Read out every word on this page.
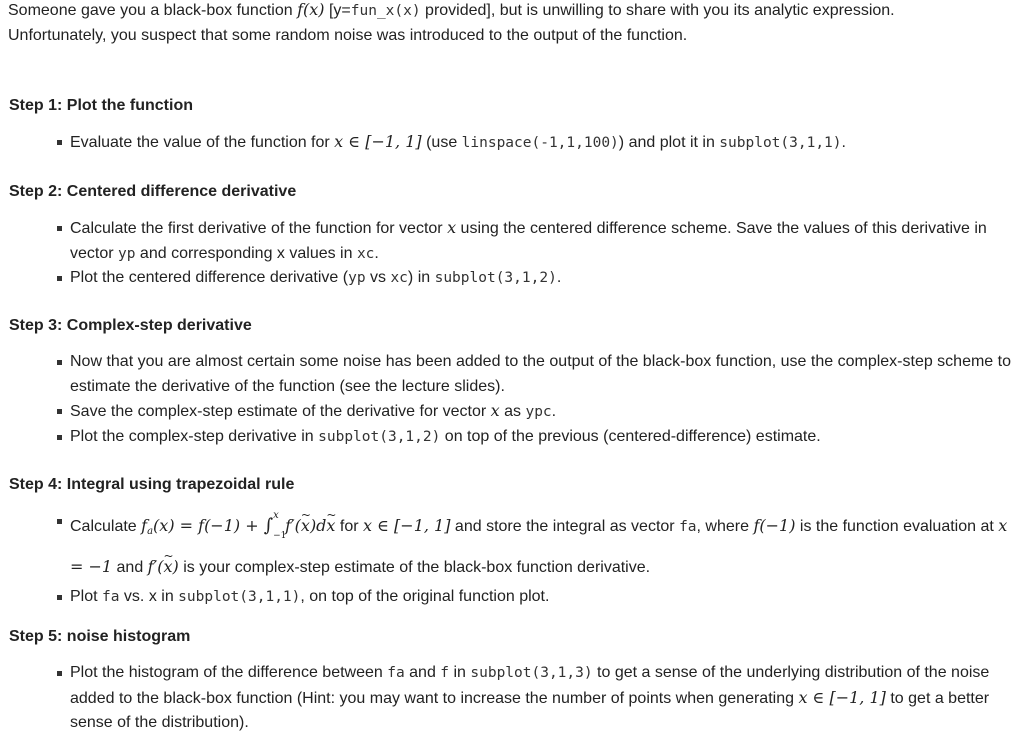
Someone gave you a black-box function f(x) [y=fun_x(x) provided], but is unwilling to share with you its analytic expression.

Unfortunately, you suspect that some random noise was introduced to the output of the function.

Step 1: Plot the function
Evaluate the value of the function for x ∈ [−1, 1] (use linspace(-1,1,100)) and plot it in subplot(3,1,1).
Step 2: Centered difference derivative
Calculate the first derivative of the function for vector x using the centered difference scheme. Save the values of this derivative in vector yp and corresponding x values in xc.
Plot the centered difference derivative (yp vs xc) in subplot(3,1,2).
Step 3: Complex-step derivative
Now that you are almost certain some noise has been added to the output of the black-box function, use the complex-step scheme to estimate the derivative of the function (see the lecture slides).
Save the complex-step estimate of the derivative for vector x as ypc.
Plot the complex-step derivative in subplot(3,1,2) on top of the previous (centered-difference) estimate.
Step 4: Integral using trapezoidal rule
Calculate $f_a(x) = f(-1)$ + ∫ x
−1
f′(x ~)dx ~ for x ∈ [−1, 1] and store the integral as vector fa, where f(−1) is the function evaluation at x = −1 and f′(x ~) is your complex-step estimate of the black-box function derivative.
Plot fa vs. x in subplot(3,1,1), on top of the original function plot.
Step 5: noise histogram
Plot the histogram of the difference between fa and f in subplot(3,1,3) to get a sense of the underlying distribution of the noise added to the black-box function (Hint: you may want to increase the number of points when generating x ∈ [−1, 1] to get a better sense of the distribution).
